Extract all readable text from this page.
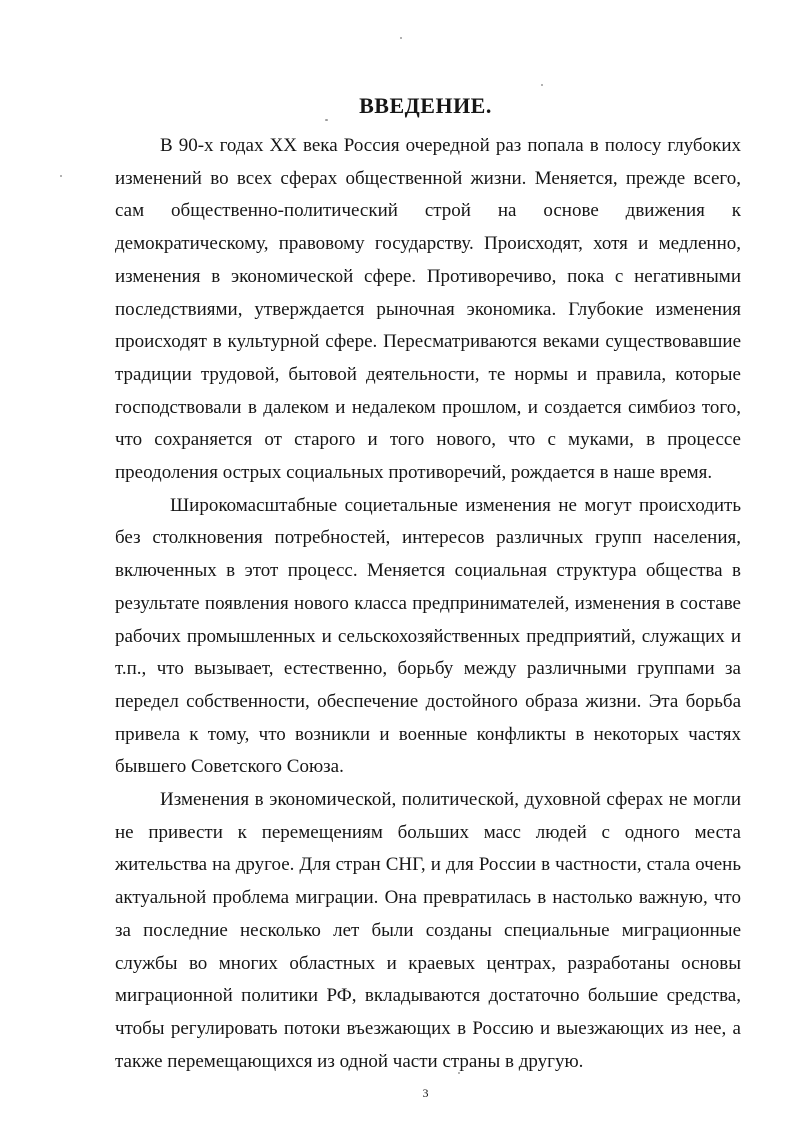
ВВЕДЕНИЕ.

В 90-х годах XX века Россия очередной раз попала в полосу глубоких изменений во всех сферах общественной жизни. Меняется, прежде всего, сам общественно-политический строй на основе движения к демократическому, правовому государству. Происходят, хотя и медленно, изменения в экономической сфере. Противоречиво, пока с негативными последствиями, утверждается рыночная экономика. Глубокие изменения происходят в культурной сфере. Пересматриваются веками существовавшие традиции трудовой, бытовой деятельности, те нормы и правила, которые господствовали в далеком и недалеком прошлом, и создается симбиоз того, что сохраняется от старого и того нового, что с муками, в процессе преодоления острых социальных противоречий, рождается в наше время.

Широкомасштабные социетальные изменения не могут происходить без столкновения потребностей, интересов различных групп населения, включенных в этот процесс. Меняется социальная структура общества в результате появления нового класса предпринимателей, изменения в составе рабочих промышленных и сельскохозяйственных предприятий, служащих и т.п., что вызывает, естественно, борьбу между различными группами за передел собственности, обеспечение достойного образа жизни. Эта борьба привела к тому, что возникли и военные конфликты в некоторых частях бывшего Советского Союза.

Изменения в экономической, политической, духовной сферах не могли не привести к перемещениям больших масс людей с одного места жительства на другое. Для стран СНГ, и для России в частности, стала очень актуальной проблема миграции. Она превратилась в настолько важную, что за последние несколько лет были созданы специальные миграционные службы во многих областных и краевых центрах, разработаны основы миграционной политики РФ, вкладываются достаточно большие средства, чтобы регулировать потоки въезжающих в Россию и выезжающих из нее, а также перемещающихся из одной части страны в другую.

3
